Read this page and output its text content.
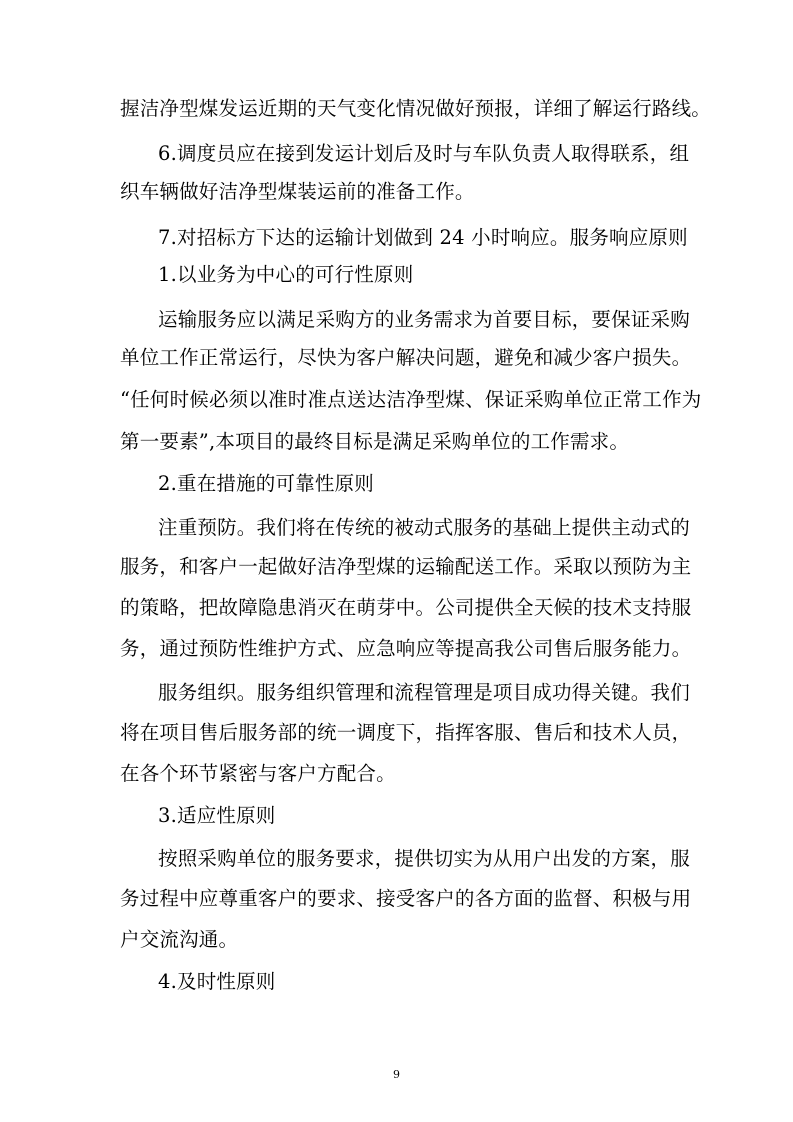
握洁净型煤发运近期的天气变化情况做好预报，详细了解运行路线。
6.调度员应在接到发运计划后及时与车队负责人取得联系，组
织车辆做好洁净型煤装运前的准备工作。
7.对招标方下达的运输计划做到 24 小时响应。服务响应原则
1.以业务为中心的可行性原则
运输服务应以满足采购方的业务需求为首要目标，要保证采购
单位工作正常运行，尽快为客户解决问题，避免和减少客户损失。
“任何时候必须以准时准点送达洁净型煤、保证采购单位正常工作为
第一要素”,本项目的最终目标是满足采购单位的工作需求。
2.重在措施的可靠性原则
注重预防。我们将在传统的被动式服务的基础上提供主动式的
服务，和客户一起做好洁净型煤的运输配送工作。采取以预防为主
的策略，把故障隐患消灭在萌芽中。公司提供全天候的技术支持服
务，通过预防性维护方式、应急响应等提高我公司售后服务能力。
服务组织。服务组织管理和流程管理是项目成功得关键。我们
将在项目售后服务部的统一调度下，指挥客服、售后和技术人员，
在各个环节紧密与客户方配合。
3.适应性原则
按照采购单位的服务要求，提供切实为从用户出发的方案，服
务过程中应尊重客户的要求、接受客户的各方面的监督、积极与用
户交流沟通。
4.及时性原则
9
